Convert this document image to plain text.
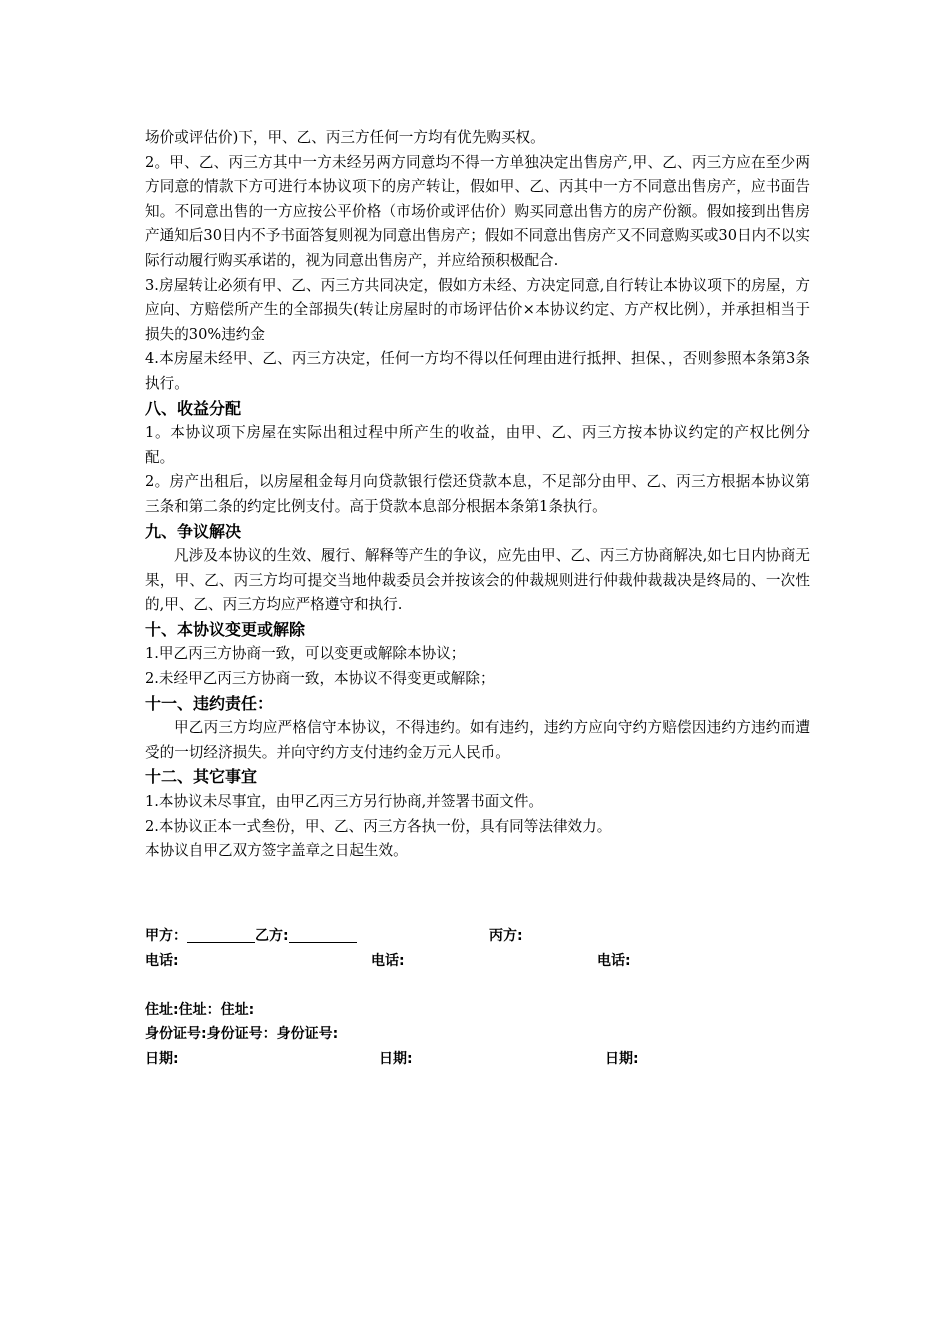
场价或评估价)下，甲、乙、丙三方任何一方均有优先购买权。

2。甲、乙、丙三方其中一方未经另两方同意均不得一方单独决定出售房产,甲、乙、丙三方应在至少两方同意的情款下方可进行本协议项下的房产转让，假如甲、乙、丙其中一方不同意出售房产，应书面告知。不同意出售的一方应按公平价格（市场价或评估价）购买同意出售方的房产份额。假如接到出售房产通知后30日内不予书面答复则视为同意出售房产；假如不同意出售房产又不同意购买或30日内不以实际行动履行购买承诺的，视为同意出售房产，并应给预积极配合.

3.房屋转让必须有甲、乙、丙三方共同决定，假如方未经、方决定同意,自行转让本协议项下的房屋，方应向、方赔偿所产生的全部损失(转让房屋时的市场评估价×本协议约定、方产权比例），并承担相当于损失的30%违约金

4.本房屋未经甲、乙、丙三方决定，任何一方均不得以任何理由进行抵押、担保、，否则参照本条第3条执行。

八、收益分配

1。本协议项下房屋在实际出租过程中所产生的收益，由甲、乙、丙三方按本协议约定的产权比例分配。

2。房产出租后，以房屋租金每月向贷款银行偿还贷款本息，不足部分由甲、乙、丙三方根据本协议第三条和第二条的约定比例支付。高于贷款本息部分根据本条第1条执行。

九、争议解决

凡涉及本协议的生效、履行、解释等产生的争议，应先由甲、乙、丙三方协商解决,如七日内协商无果，甲、乙、丙三方均可提交当地仲裁委员会并按该会的仲裁规则进行仲裁仲裁裁决是终局的、一次性的,甲、乙、丙三方均应严格遵守和执行.

十、本协议变更或解除

1.甲乙丙三方协商一致，可以变更或解除本协议；

2.未经甲乙丙三方协商一致，本协议不得变更或解除；

十一、违约责任：

甲乙丙三方均应严格信守本协议，不得违约。如有违约，违约方应向守约方赔偿因违约方违约而遭受的一切经济损失。并向守约方支付违约金万元人民币。

十二、其它事宜

1.本协议未尽事宜，由甲乙丙三方另行协商,并签署书面文件。

2.本协议正本一式叁份，甲、乙、丙三方各执一份，具有同等法律效力。

本协议自甲乙双方签字盖章之日起生效。

甲方：	乙方:	丙方:
电话:	电话:	电话:
住址:住址：住址:
身份证号:身份证号：身份证号:
日期:	日期:	日期:
